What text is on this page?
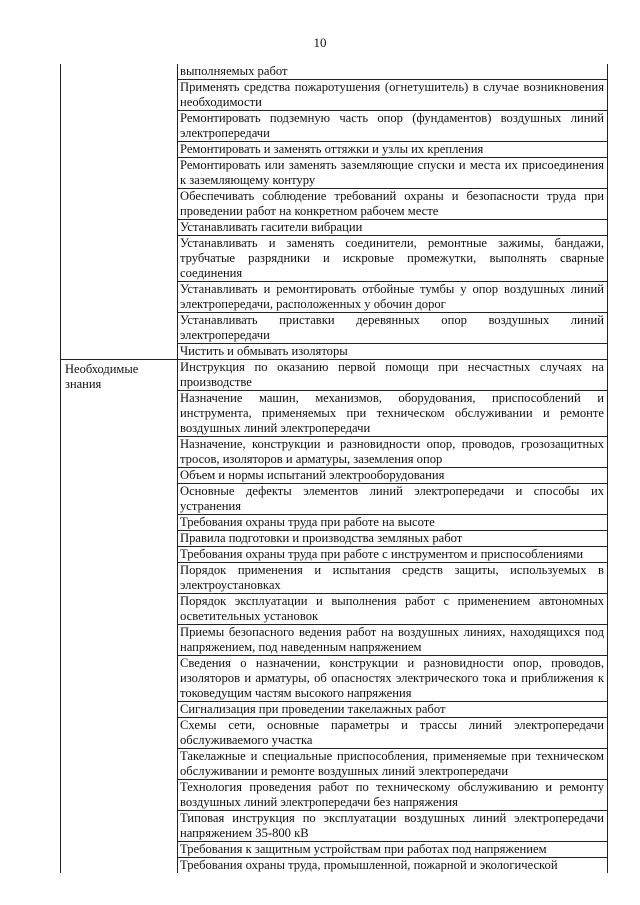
10
выполняемых работ
Применять средства пожаротушения (огнетушитель) в случае возникновения необходимости
Ремонтировать подземную часть опор (фундаментов) воздушных линий электропередачи
Ремонтировать и заменять оттяжки и узлы их крепления
Ремонтировать или заменять заземляющие спуски и места их присоединения к заземляющему контуру
Обеспечивать соблюдение требований охраны и безопасности труда при проведении работ на конкретном рабочем месте
Устанавливать гасители вибрации
Устанавливать и заменять соединители, ремонтные зажимы, бандажи, трубчатые разрядники и искровые промежутки, выполнять сварные соединения
Устанавливать и ремонтировать отбойные тумбы у опор воздушных линий электропередачи, расположенных у обочин дорог
Устанавливать приставки деревянных опор воздушных линий электропередачи
Чистить и обмывать изоляторы
Необходимые знания
Инструкция по оказанию первой помощи при несчастных случаях на производстве
Назначение машин, механизмов, оборудования, приспособлений и инструмента, применяемых при техническом обслуживании и ремонте воздушных линий электропередачи
Назначение, конструкции и разновидности опор, проводов, грозозащитных тросов, изоляторов и арматуры, заземления опор
Объем и нормы испытаний электрооборудования
Основные дефекты элементов линий электропередачи и способы их устранения
Требования охраны труда при работе на высоте
Правила подготовки и производства земляных работ
Требования охраны труда при работе с инструментом и приспособлениями
Порядок применения и испытания средств защиты, используемых в электроустановках
Порядок эксплуатации и выполнения работ с применением автономных осветительных установок
Приемы безопасного ведения работ на воздушных линиях, находящихся под напряжением, под наведенным напряжением
Сведения о назначении, конструкции и разновидности опор, проводов, изоляторов и арматуры, об опасностях электрического тока и приближения к токоведущим частям высокого напряжения
Сигнализация при проведении такелажных работ
Схемы сети, основные параметры и трассы линий электропередачи обслуживаемого участка
Такелажные и специальные приспособления, применяемые при техническом обслуживании и ремонте воздушных линий электропередачи
Технология проведения работ по техническому обслуживанию и ремонту воздушных линий электропередачи без напряжения
Типовая инструкция по эксплуатации воздушных линий электропередачи напряжением 35-800 кВ
Требования к защитным устройствам при работах под напряжением
Требования охраны труда, промышленной, пожарной и экологической
